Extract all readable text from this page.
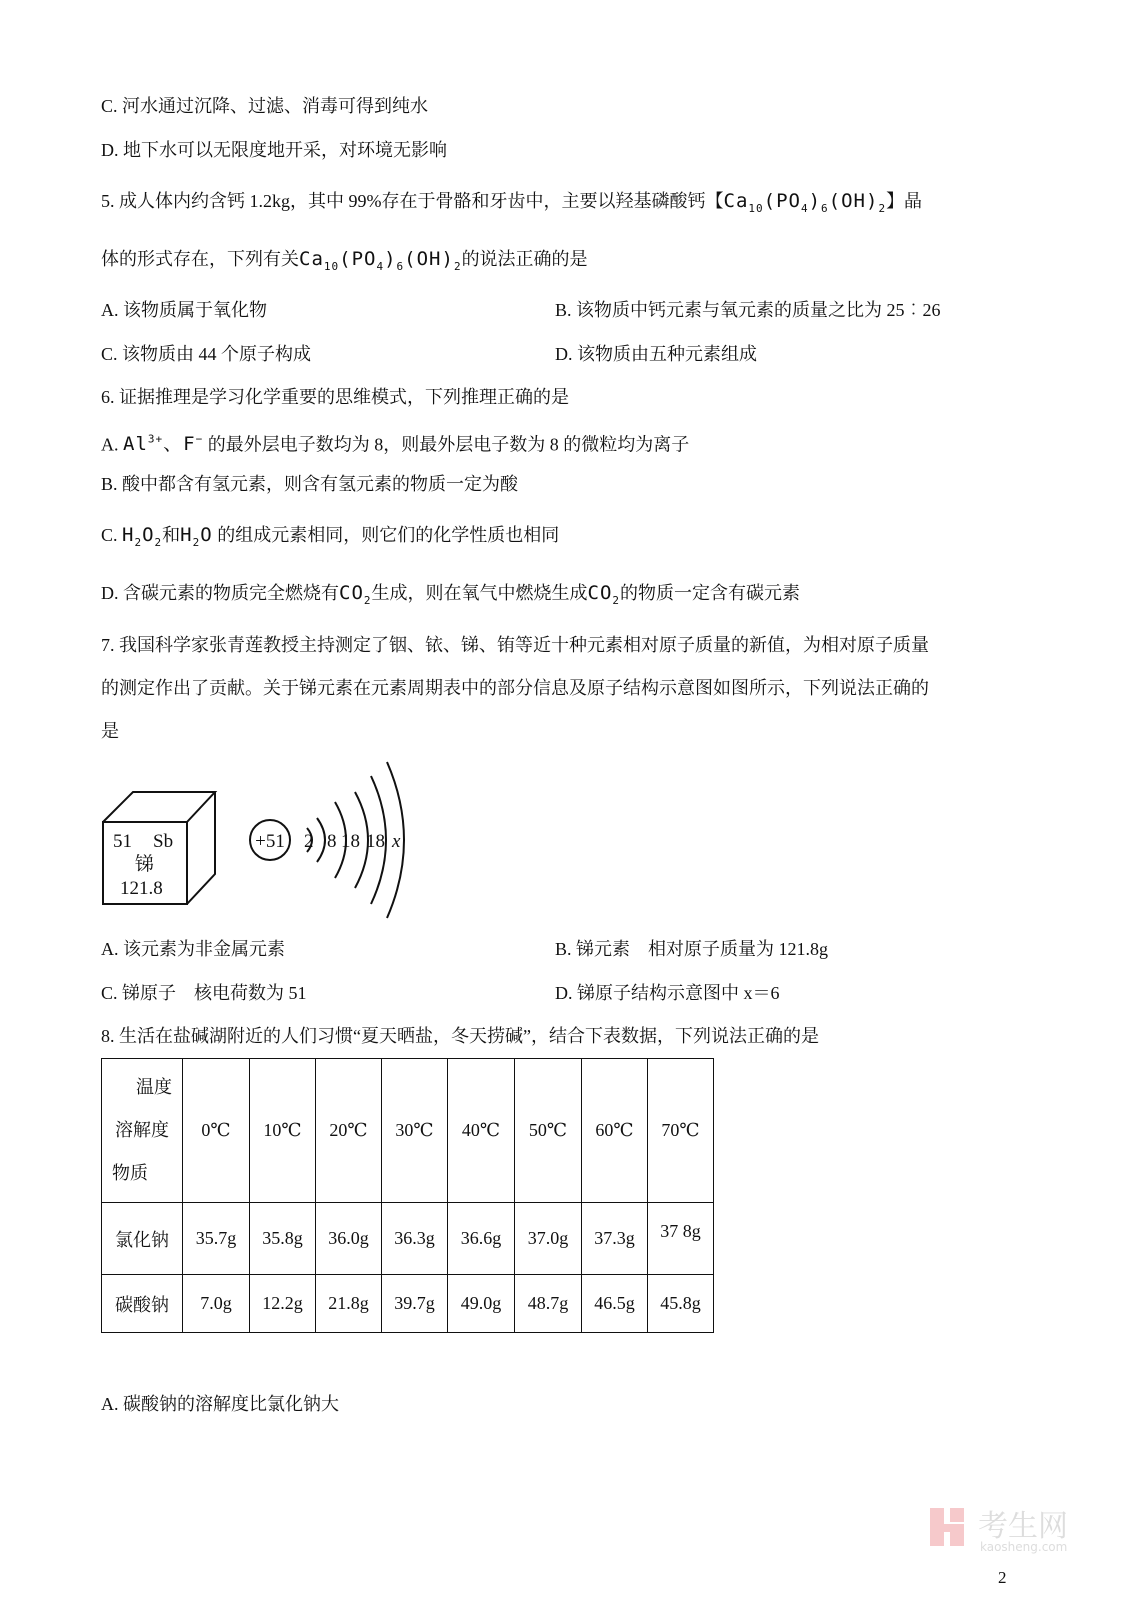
C. 河水通过沉降、过滤、消毒可得到纯水
D. 地下水可以无限度地开采，对环境无影响
5. 成人体内约含钙 1.2kg，其中 99%存在于骨骼和牙齿中，主要以羟基磷酸钙【$Ca_{10}(PO_4)_6(OH)_2$】晶
体的形式存在，下列有关$Ca_{10}(PO_4)_6(OH)_2$的说法正确的是
A. 该物质属于氧化物	B. 该物质中钙元素与氧元素的质量之比为 25︰26
C. 该物质由 44 个原子构成	D. 该物质由五种元素组成
6. 证据推理是学习化学重要的思维模式，下列推理正确的是
A. $Al^{3+}$、F− 的最外层电子数均为 8，则最外层电子数为 8 的微粒均为离子
B. 酸中都含有氢元素，则含有氢元素的物质一定为酸
C. $H_2O_2$和$H_2O$ 的组成元素相同，则它们的化学性质也相同
D. 含碳元素的物质完全燃烧有$CO_2$生成，则在氧气中燃烧生成$CO_2$的物质一定含有碳元素
7. 我国科学家张青莲教授主持测定了铟、铱、锑、铕等近十种元素相对原子质量的新值，为相对原子质量
的测定作出了贡献。关于锑元素在元素周期表中的部分信息及原子结构示意图如图所示，下列说法正确的
是
51 Sb
锑
121.8
+51 2 8 18 18 x
A. 该元素为非金属元素	B. 锑元素　相对原子质量为 121.8g
C. 锑原子　核电荷数为 51	D. 锑原子结构示意图中 x＝6
8. 生活在盐碱湖附近的人们习惯“夏天晒盐，冬天捞碱”，结合下表数据，下列说法正确的是
温度
溶解度
物质	0℃	10℃	20℃	30℃	40℃	50℃	60℃	70℃
氯化钠	35.7g	35.8g	36.0g	36.3g	36.6g	37.0g	37.3g	37 8g
碳酸钠	7.0g	12.2g	21.8g	39.7g	49.0g	48.7g	46.5g	45.8g
A. 碳酸钠的溶解度比氯化钠大
考生网
kaosheng.com
2
